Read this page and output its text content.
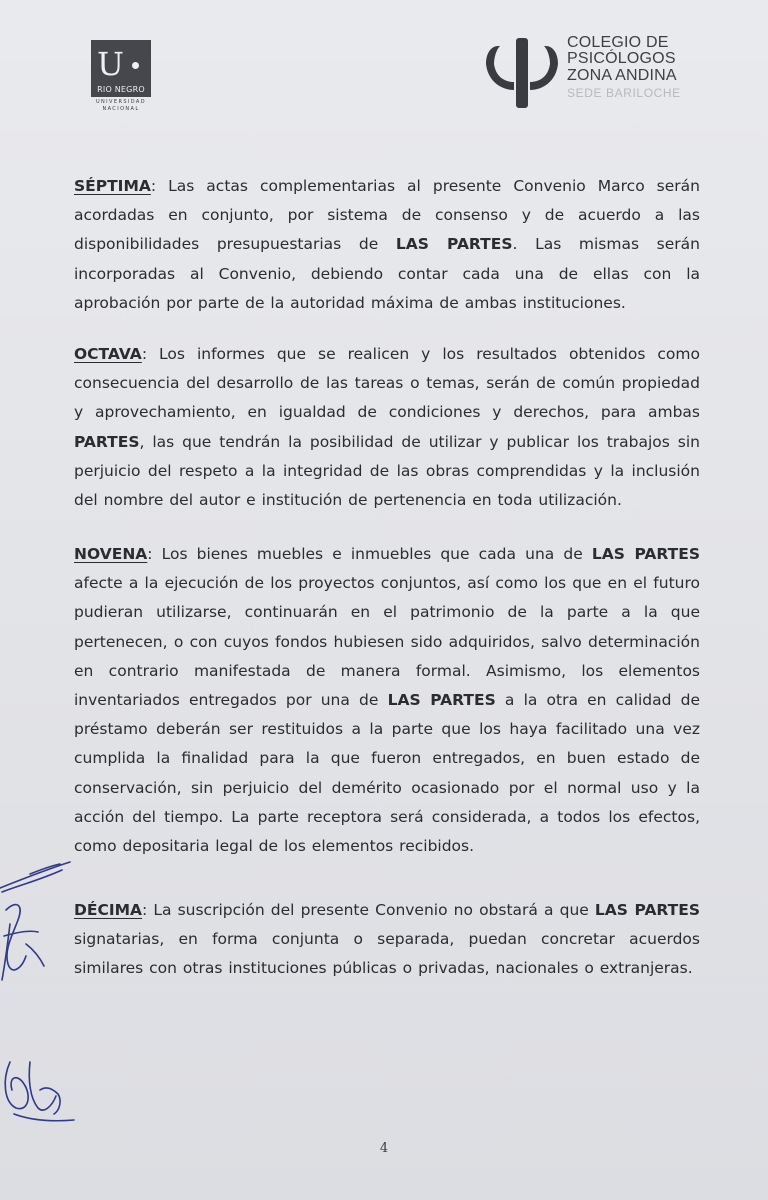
U
RIO NEGRO
UNIVERSIDAD
NACIONAL
COLEGIO DE
PSICÓLOGOS
ZONA ANDINA
SEDE BARILOCHE
SÉPTIMA: Las actas complementarias al presente Convenio Marco serán acordadas en conjunto, por sistema de consenso y de acuerdo a las disponibilidades presupuestarias de LAS PARTES. Las mismas serán incorporadas al Convenio, debiendo contar cada una de ellas con la aprobación por parte de la autoridad máxima de ambas instituciones.
OCTAVA: Los informes que se realicen y los resultados obtenidos como consecuencia del desarrollo de las tareas o temas, serán de común propiedad y aprovechamiento, en igualdad de condiciones y derechos, para ambas PARTES, las que tendrán la posibilidad de utilizar y publicar los trabajos sin perjuicio del respeto a la integridad de las obras comprendidas y la inclusión del nombre del autor e institución de pertenencia en toda utilización.
NOVENA: Los bienes muebles e inmuebles que cada una de LAS PARTES afecte a la ejecución de los proyectos conjuntos, así como los que en el futuro pudieran utilizarse, continuarán en el patrimonio de la parte a la que pertenecen, o con cuyos fondos hubiesen sido adquiridos, salvo determinación en contrario manifestada de manera formal. Asimismo, los elementos inventariados entregados por una de LAS PARTES a la otra en calidad de préstamo deberán ser restituidos a la parte que los haya facilitado una vez cumplida la finalidad para la que fueron entregados, en buen estado de conservación, sin perjuicio del demérito ocasionado por el normal uso y la acción del tiempo. La parte receptora será considerada, a todos los efectos, como depositaria legal de los elementos recibidos.
DÉCIMA: La suscripción del presente Convenio no obstará a que LAS PARTES signatarias, en forma conjunta o separada, puedan concretar acuerdos similares con otras instituciones públicas o privadas, nacionales o extranjeras.
4
